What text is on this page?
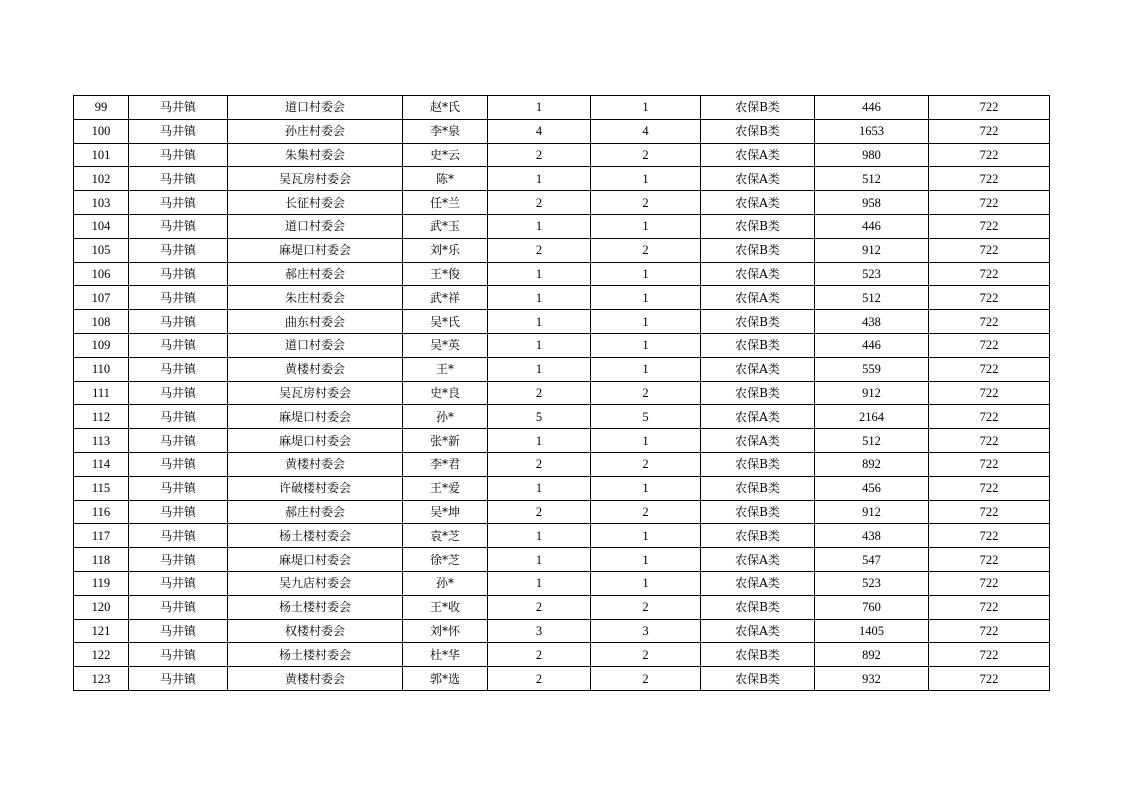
99	马井镇	道口村委会	赵*氏	1	1	农保B类	446	722
100	马井镇	孙庄村委会	李*泉	4	4	农保B类	1653	722
101	马井镇	朱集村委会	史*云	2	2	农保A类	980	722
102	马井镇	吴瓦房村委会	陈*	1	1	农保A类	512	722
103	马井镇	长征村委会	任*兰	2	2	农保A类	958	722
104	马井镇	道口村委会	武*玉	1	1	农保B类	446	722
105	马井镇	麻堤口村委会	刘*乐	2	2	农保B类	912	722
106	马井镇	郝庄村委会	王*俊	1	1	农保A类	523	722
107	马井镇	朱庄村委会	武*祥	1	1	农保A类	512	722
108	马井镇	曲东村委会	吴*氏	1	1	农保B类	438	722
109	马井镇	道口村委会	吴*英	1	1	农保B类	446	722
110	马井镇	黄楼村委会	王*	1	1	农保A类	559	722
111	马井镇	吴瓦房村委会	史*良	2	2	农保B类	912	722
112	马井镇	麻堤口村委会	孙*	5	5	农保A类	2164	722
113	马井镇	麻堤口村委会	张*新	1	1	农保A类	512	722
114	马井镇	黄楼村委会	李*君	2	2	农保B类	892	722
115	马井镇	许破楼村委会	王*爱	1	1	农保B类	456	722
116	马井镇	郝庄村委会	吴*坤	2	2	农保B类	912	722
117	马井镇	杨土楼村委会	袁*芝	1	1	农保B类	438	722
118	马井镇	麻堤口村委会	徐*芝	1	1	农保A类	547	722
119	马井镇	吴九店村委会	孙*	1	1	农保A类	523	722
120	马井镇	杨土楼村委会	王*收	2	2	农保B类	760	722
121	马井镇	权楼村委会	刘*怀	3	3	农保A类	1405	722
122	马井镇	杨土楼村委会	杜*华	2	2	农保B类	892	722
123	马井镇	黄楼村委会	郭*选	2	2	农保B类	932	722
